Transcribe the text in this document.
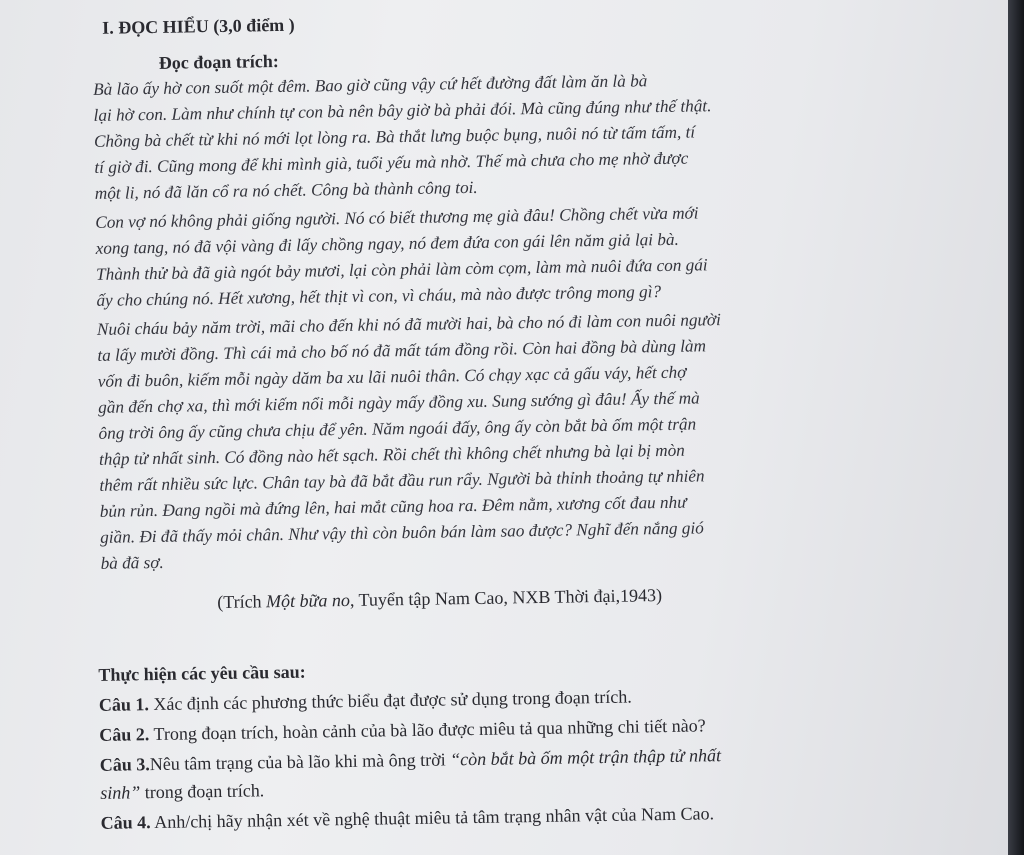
I. ĐỌC HIỂU (3,0 điểm )
Đọc đoạn trích:
Bà lão ấy hờ con suốt một đêm. Bao giờ cũng vậy cứ hết đường đất làm ăn là bà
lại hờ con. Làm như chính tự con bà nên bây giờ bà phải đói. Mà cũng đúng như thế thật.
Chồng bà chết từ khi nó mới lọt lòng ra. Bà thắt lưng buộc bụng, nuôi nó từ tấm tấm, tí
tí giờ đi. Cũng mong để khi mình già, tuổi yếu mà nhờ. Thế mà chưa cho mẹ nhờ được
một li, nó đã lăn cổ ra nó chết. Công bà thành công toi.
Con vợ nó không phải giống người. Nó có biết thương mẹ già đâu! Chồng chết vừa mới
xong tang, nó đã vội vàng đi lấy chồng ngay, nó đem đứa con gái lên năm giả lại bà.
Thành thử bà đã già ngót bảy mươi, lại còn phải làm còm cọm, làm mà nuôi đứa con gái
ấy cho chúng nó. Hết xương, hết thịt vì con, vì cháu, mà nào được trông mong gì?
Nuôi cháu bảy năm trời, mãi cho đến khi nó đã mười hai, bà cho nó đi làm con nuôi người
ta lấy mười đồng. Thì cái mả cho bố nó đã mất tám đồng rồi. Còn hai đồng bà dùng làm
vốn đi buôn, kiếm mỗi ngày dăm ba xu lãi nuôi thân. Có chạy xạc cả gấu váy, hết chợ
gần đến chợ xa, thì mới kiếm nổi mỗi ngày mấy đồng xu. Sung sướng gì đâu! Ấy thế mà
ông trời ông ấy cũng chưa chịu để yên. Năm ngoái đấy, ông ấy còn bắt bà ốm một trận
thập tử nhất sinh. Có đồng nào hết sạch. Rồi chết thì không chết nhưng bà lại bị mòn
thêm rất nhiều sức lực. Chân tay bà đã bắt đầu run rẩy. Người bà thỉnh thoảng tự nhiên
bủn rủn. Đang ngồi mà đứng lên, hai mắt cũng hoa ra. Đêm nằm, xương cốt đau như
giần. Đi đã thấy mỏi chân. Như vậy thì còn buôn bán làm sao được? Nghĩ đến nắng gió
bà đã sợ.
(Trích Một bữa no, Tuyển tập Nam Cao, NXB Thời đại,1943)
Thực hiện các yêu cầu sau:
Câu 1. Xác định các phương thức biểu đạt được sử dụng trong đoạn trích.
Câu 2. Trong đoạn trích, hoàn cảnh của bà lão được miêu tả qua những chi tiết nào?
Câu 3.Nêu tâm trạng của bà lão khi mà ông trời “còn bắt bà ốm một trận thập tử nhất
sinh” trong đoạn trích.
Câu 4. Anh/chị hãy nhận xét về nghệ thuật miêu tả tâm trạng nhân vật của Nam Cao.
